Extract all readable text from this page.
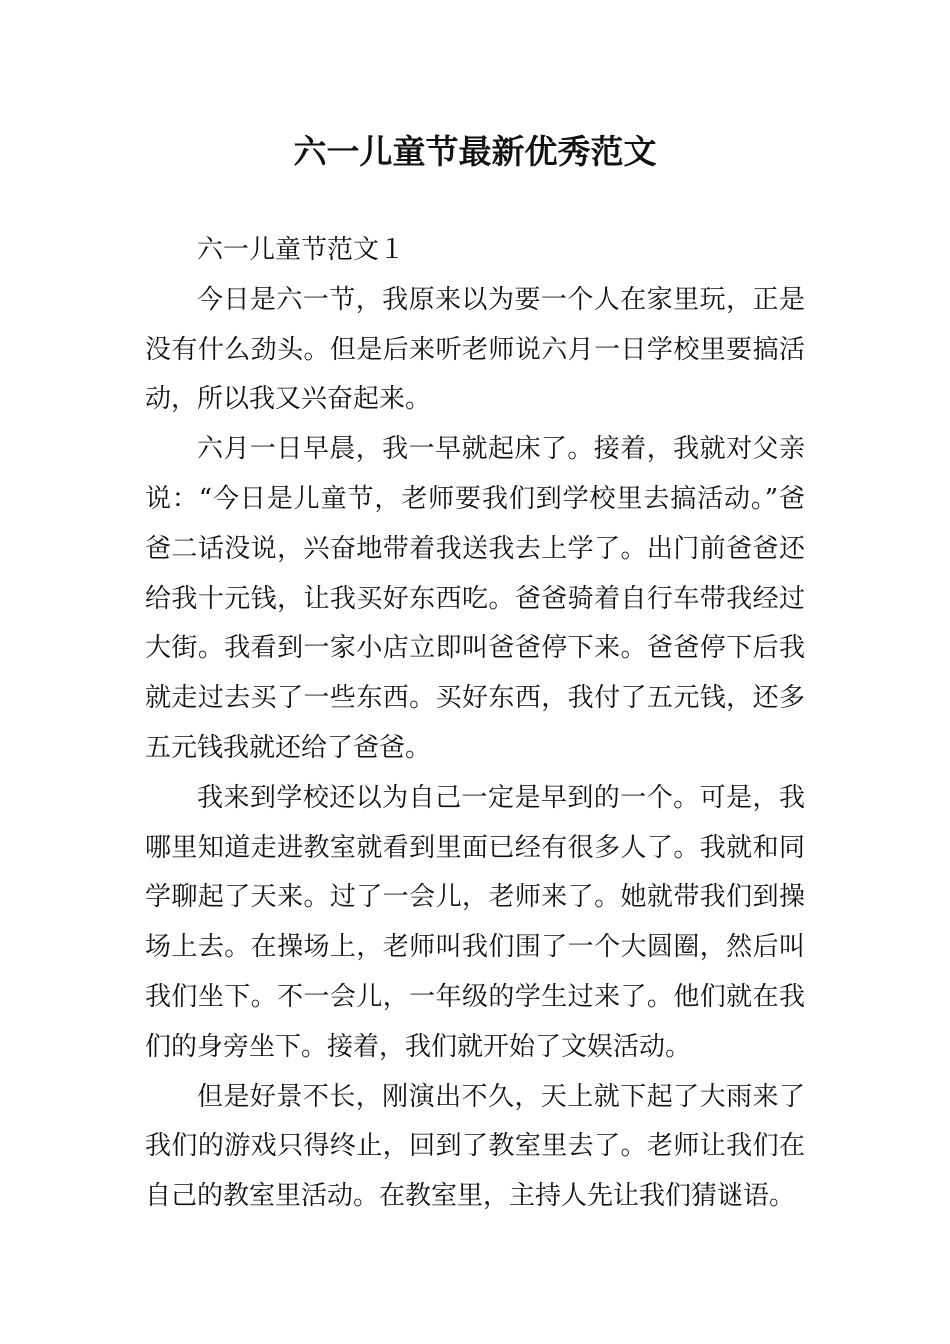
六一儿童节最新优秀范文

六一儿童节范文１

今日是六一节，我原来以为要一个人在家里玩，正是没有什么劲头。但是后来听老师说六月一日学校里要搞活动，所以我又兴奋起来。

六月一日早晨，我一早就起床了。接着，我就对父亲说：“今日是儿童节，老师要我们到学校里去搞活动。”爸爸二话没说，兴奋地带着我送我去上学了。出门前爸爸还给我十元钱，让我买好东西吃。爸爸骑着自行车带我经过大街。我看到一家小店立即叫爸爸停下来。爸爸停下后我就走过去买了一些东西。买好东西，我付了五元钱，还多五元钱我就还给了爸爸。

我来到学校还以为自己一定是早到的一个。可是，我哪里知道走进教室就看到里面已经有很多人了。我就和同学聊起了天来。过了一会儿，老师来了。她就带我们到操场上去。在操场上，老师叫我们围了一个大圆圈，然后叫我们坐下。不一会儿，一年级的学生过来了。他们就在我们的身旁坐下。接着，我们就开始了文娱活动。

但是好景不长，刚演出不久，天上就下起了大雨来了我们的游戏只得终止，回到了教室里去了。老师让我们在自己的教室里活动。在教室里，主持人先让我们猜谜语。
